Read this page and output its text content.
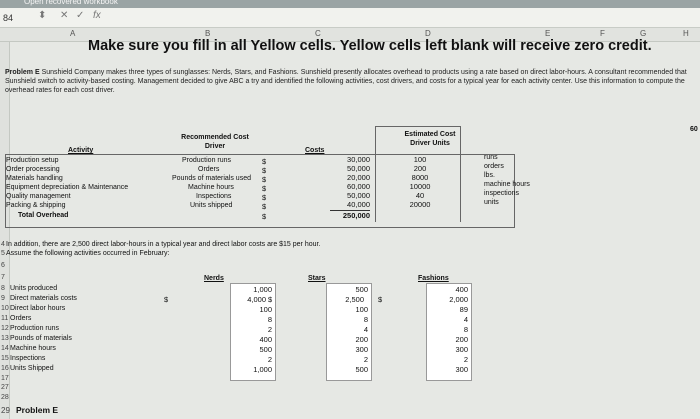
Open recovered workbook
84	⬍ ✕ ✓ fx
A	B	C	D	E	F	G	H
Make sure you fill in all Yellow cells. Yellow cells left blank will receive zero credit.
Problem E Sunshield Company makes three types of sunglasses: Nerds, Stars, and Fashions. Sunshield presently allocates overhead to products using a rate based on direct labor-hours. A consultant recommended that Sunshield switch to activity-based costing. Management decided to give ABC a try and identified the following activities, cost drivers, and costs for a typical year for each activity center. Use this information to compute the overhead rates for each cost driver.
Activity
Recommended Cost Driver
Costs
Estimated Cost Driver Units
60
Production setup	Production runs	$	30,000	100	runs
Order processing	Orders	$	50,000	200	orders
Materials handling	Pounds of materials used $	20,000	8000	lbs.
Equipment depreciation & Maintenance	Machine hours	$	60,000	10000	machine hours
Quality management	Inspections	$	50,000	40	inspections
Packing & shipping	Units shipped	$	40,000	20000	units
Total Overhead	$	250,000
In addition, there are 2,500 direct labor-hours in a typical year and direct labor costs are $15 per hour.
Assume the following activities occurred in February:
Nerds	Stars	Fashions
Units produced	1,000	500	400
Direct materials costs	$	4,000 $	2,500 $	2,000
Direct labor hours	100	100	89
Orders	8	8	4
Production runs	2	4	8
Pounds of materials	400	200	200
Machine hours	500	300	300
Inspections	2	2	2
Units Shipped	1,000	500	300
4
5
6
7
8
9
10
11
12
13
14
15
16
17
27
28
29 Problem E
